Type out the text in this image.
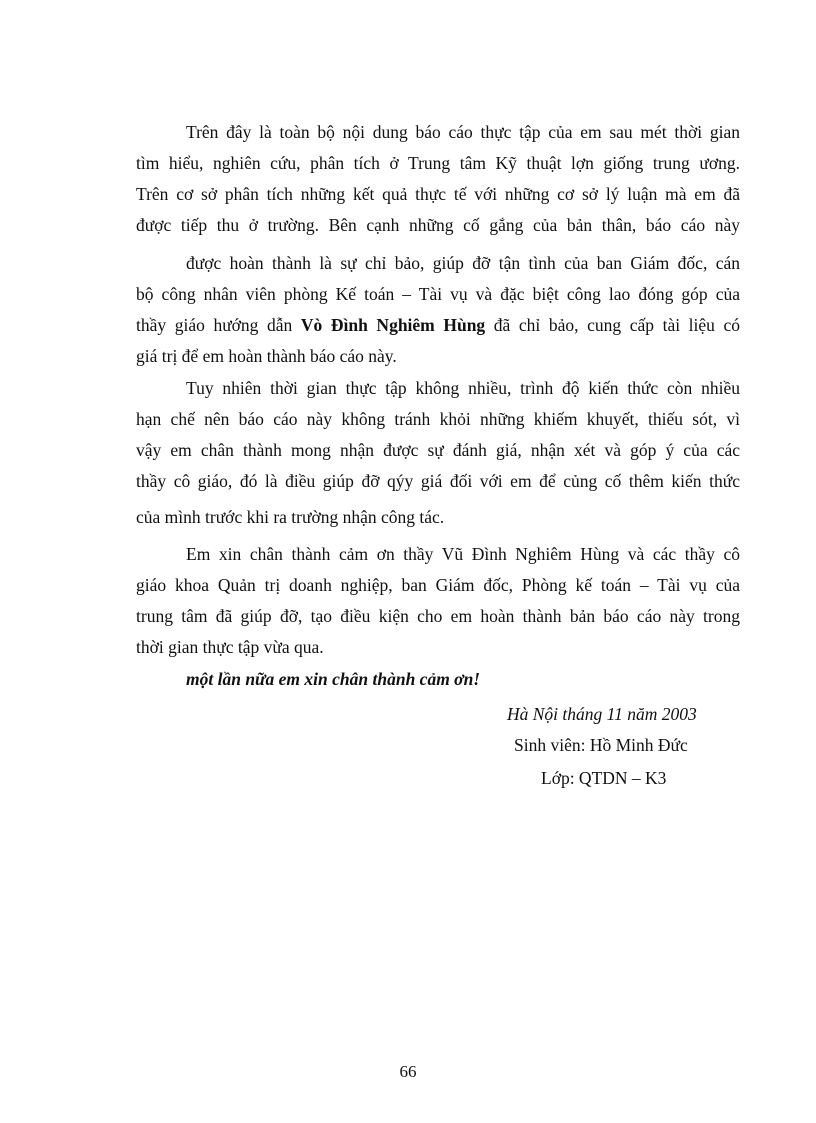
Trên đây là toàn bộ nội dung báo cáo thực tập của em sau mét thời gian
tìm hiểu, nghiên cứu, phân tích ở Trung tâm Kỹ thuật lợn giống trung ương.
Trên cơ sở phân tích những kết quả thực tế với những cơ sở lý luận mà em đã
được tiếp thu ở trường. Bên cạnh những cố gắng của bản thân, báo cáo này
được hoàn thành là sự chỉ bảo, giúp đỡ tận tình của ban Giám đốc, cán
bộ công nhân viên phòng Kế toán – Tài vụ và đặc biệt công lao đóng góp của
thầy giáo hướng dẫn Vò Đình Nghiêm Hùng đã chỉ bảo, cung cấp tài liệu có
giá trị để em hoàn thành báo cáo này.
Tuy nhiên thời gian thực tập không nhiều, trình độ kiến thức còn nhiều
hạn chế nên báo cáo này không tránh khỏi những khiếm khuyết, thiếu sót, vì
vậy em chân thành mong nhận được sự đánh giá, nhận xét và góp ý của các
thầy cô giáo, đó là điều giúp đỡ qýy giá đối với em để củng cố thêm kiến thức
của mình trước khi ra trường nhận công tác.
Em xin chân thành cảm ơn thầy Vũ Đình Nghiêm Hùng và các thầy cô
giáo khoa Quản trị doanh nghiệp, ban Giám đốc, Phòng kế toán – Tài vụ của
trung tâm đã giúp đỡ, tạo điều kiện cho em hoàn thành bản báo cáo này trong
thời gian thực tập vừa qua.
một lần nữa em xin chân thành cảm ơn!
Hà Nội tháng 11 năm 2003
Sinh viên: Hồ Minh Đức
Lớp: QTDN – K3
66
